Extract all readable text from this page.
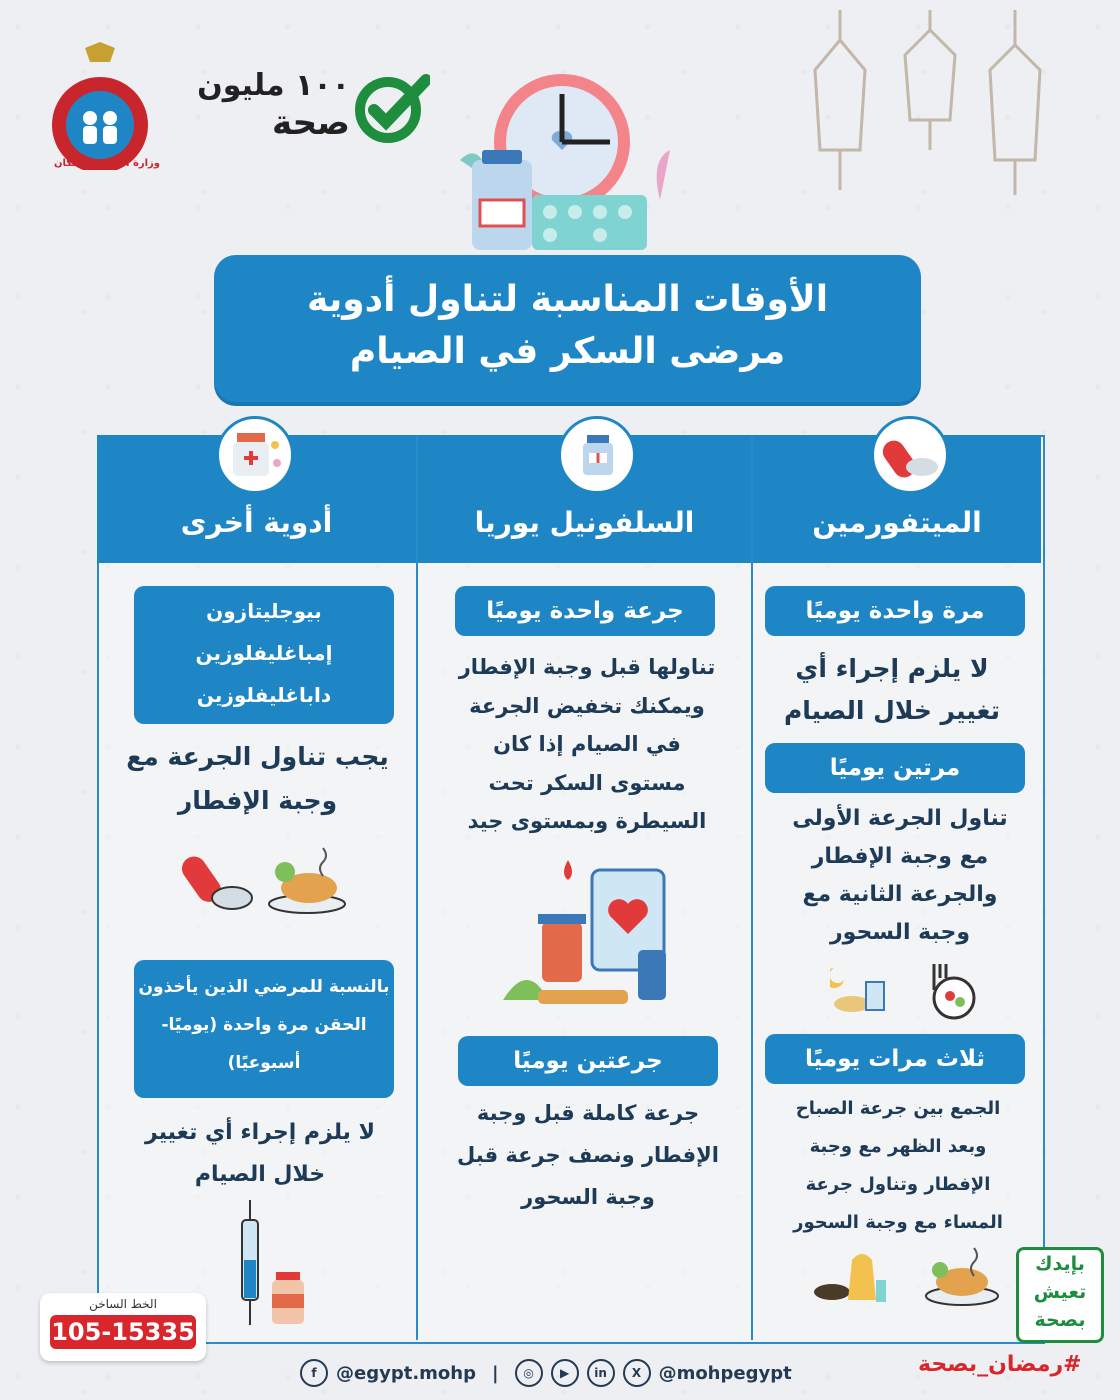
وزارة الصحة والسكان
١٠٠ مليون
صحة
الأوقات المناسبة لتناول أدوية
مرضى السكر في الصيام
الميتفورمين
السلفونيل يوريا
أدوية أخرى
مرة واحدة يوميًا
لا يلزم إجراء أي تغيير خلال الصيام
مرتين يوميًا
تناول الجرعة الأولى مع وجبة الإفطار والجرعة الثانية مع وجبة السحور
ثلاث مرات يوميًا
الجمع بين جرعة الصباح وبعد الظهر مع وجبة الإفطار وتناول جرعة المساء مع وجبة السحور
جرعة واحدة يوميًا
تناولها قبل وجبة الإفطار ويمكنك تخفيض الجرعة في الصيام إذا كان مستوى السكر تحت السيطرة وبمستوى جيد
جرعتين يوميًا
جرعة كاملة قبل وجبة الإفطار ونصف جرعة قبل وجبة السحور
بيوجليتازون
إمباغليفلوزين
داباغليفلوزين
يجب تناول الجرعة مع وجبة الإفطار
بالنسبة للمرضي الذين يأخذون الحقن مرة واحدة (يوميًا- أسبوعيًا)
لا يلزم إجراء أي تغيير خلال الصيام
الخط الساخن
105-15335
بإيدك تعيش بصحة
f	@egypt.mohp |	◎	▶	in	X @mohpegypt	#رمضان_بصحة
